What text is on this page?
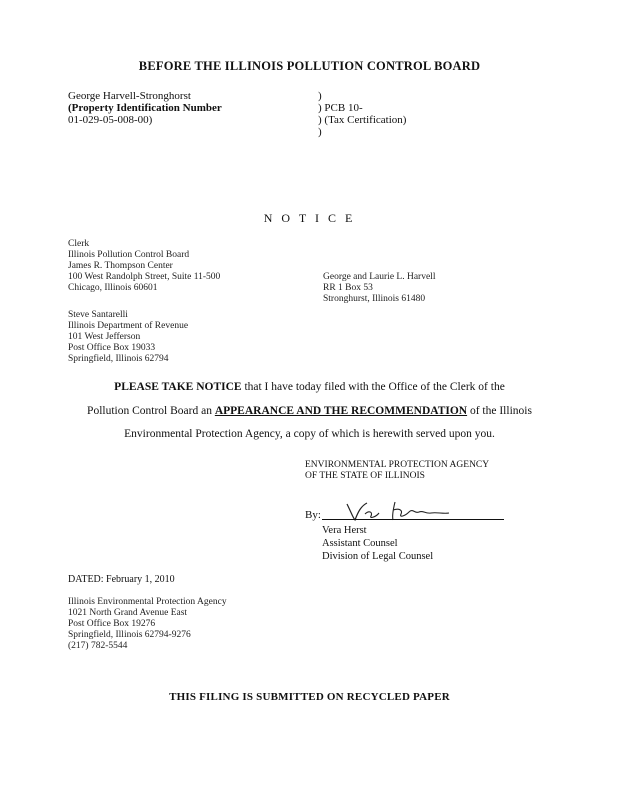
BEFORE THE ILLINOIS POLLUTION CONTROL BOARD
George Harvell-Stronghorst
(Property Identification Number
01-029-05-008-00)
)
) PCB 10-
) (Tax Certification)
)
N O T I C E
Clerk
Illinois Pollution Control Board
James R. Thompson Center
100 West Randolph Street, Suite 11-500
Chicago, Illinois 60601
George and Laurie L. Harvell
RR 1 Box 53
Stronghurst, Illinois 61480
Steve Santarelli
Illinois Department of Revenue
101 West Jefferson
Post Office Box 19033
Springfield, Illinois 62794
PLEASE TAKE NOTICE that I have today filed with the Office of the Clerk of the
Pollution Control Board an APPEARANCE AND THE RECOMMENDATION of the Illinois
Environmental Protection Agency, a copy of which is herewith served upon you.
ENVIRONMENTAL PROTECTION AGENCY
OF THE STATE OF ILLINOIS
By:
Vera Herst
Assistant Counsel
Division of Legal Counsel
DATED: February 1, 2010
Illinois Environmental Protection Agency
1021 North Grand Avenue East
Post Office Box 19276
Springfield, Illinois 62794-9276
(217) 782-5544
THIS FILING IS SUBMITTED ON RECYCLED PAPER
